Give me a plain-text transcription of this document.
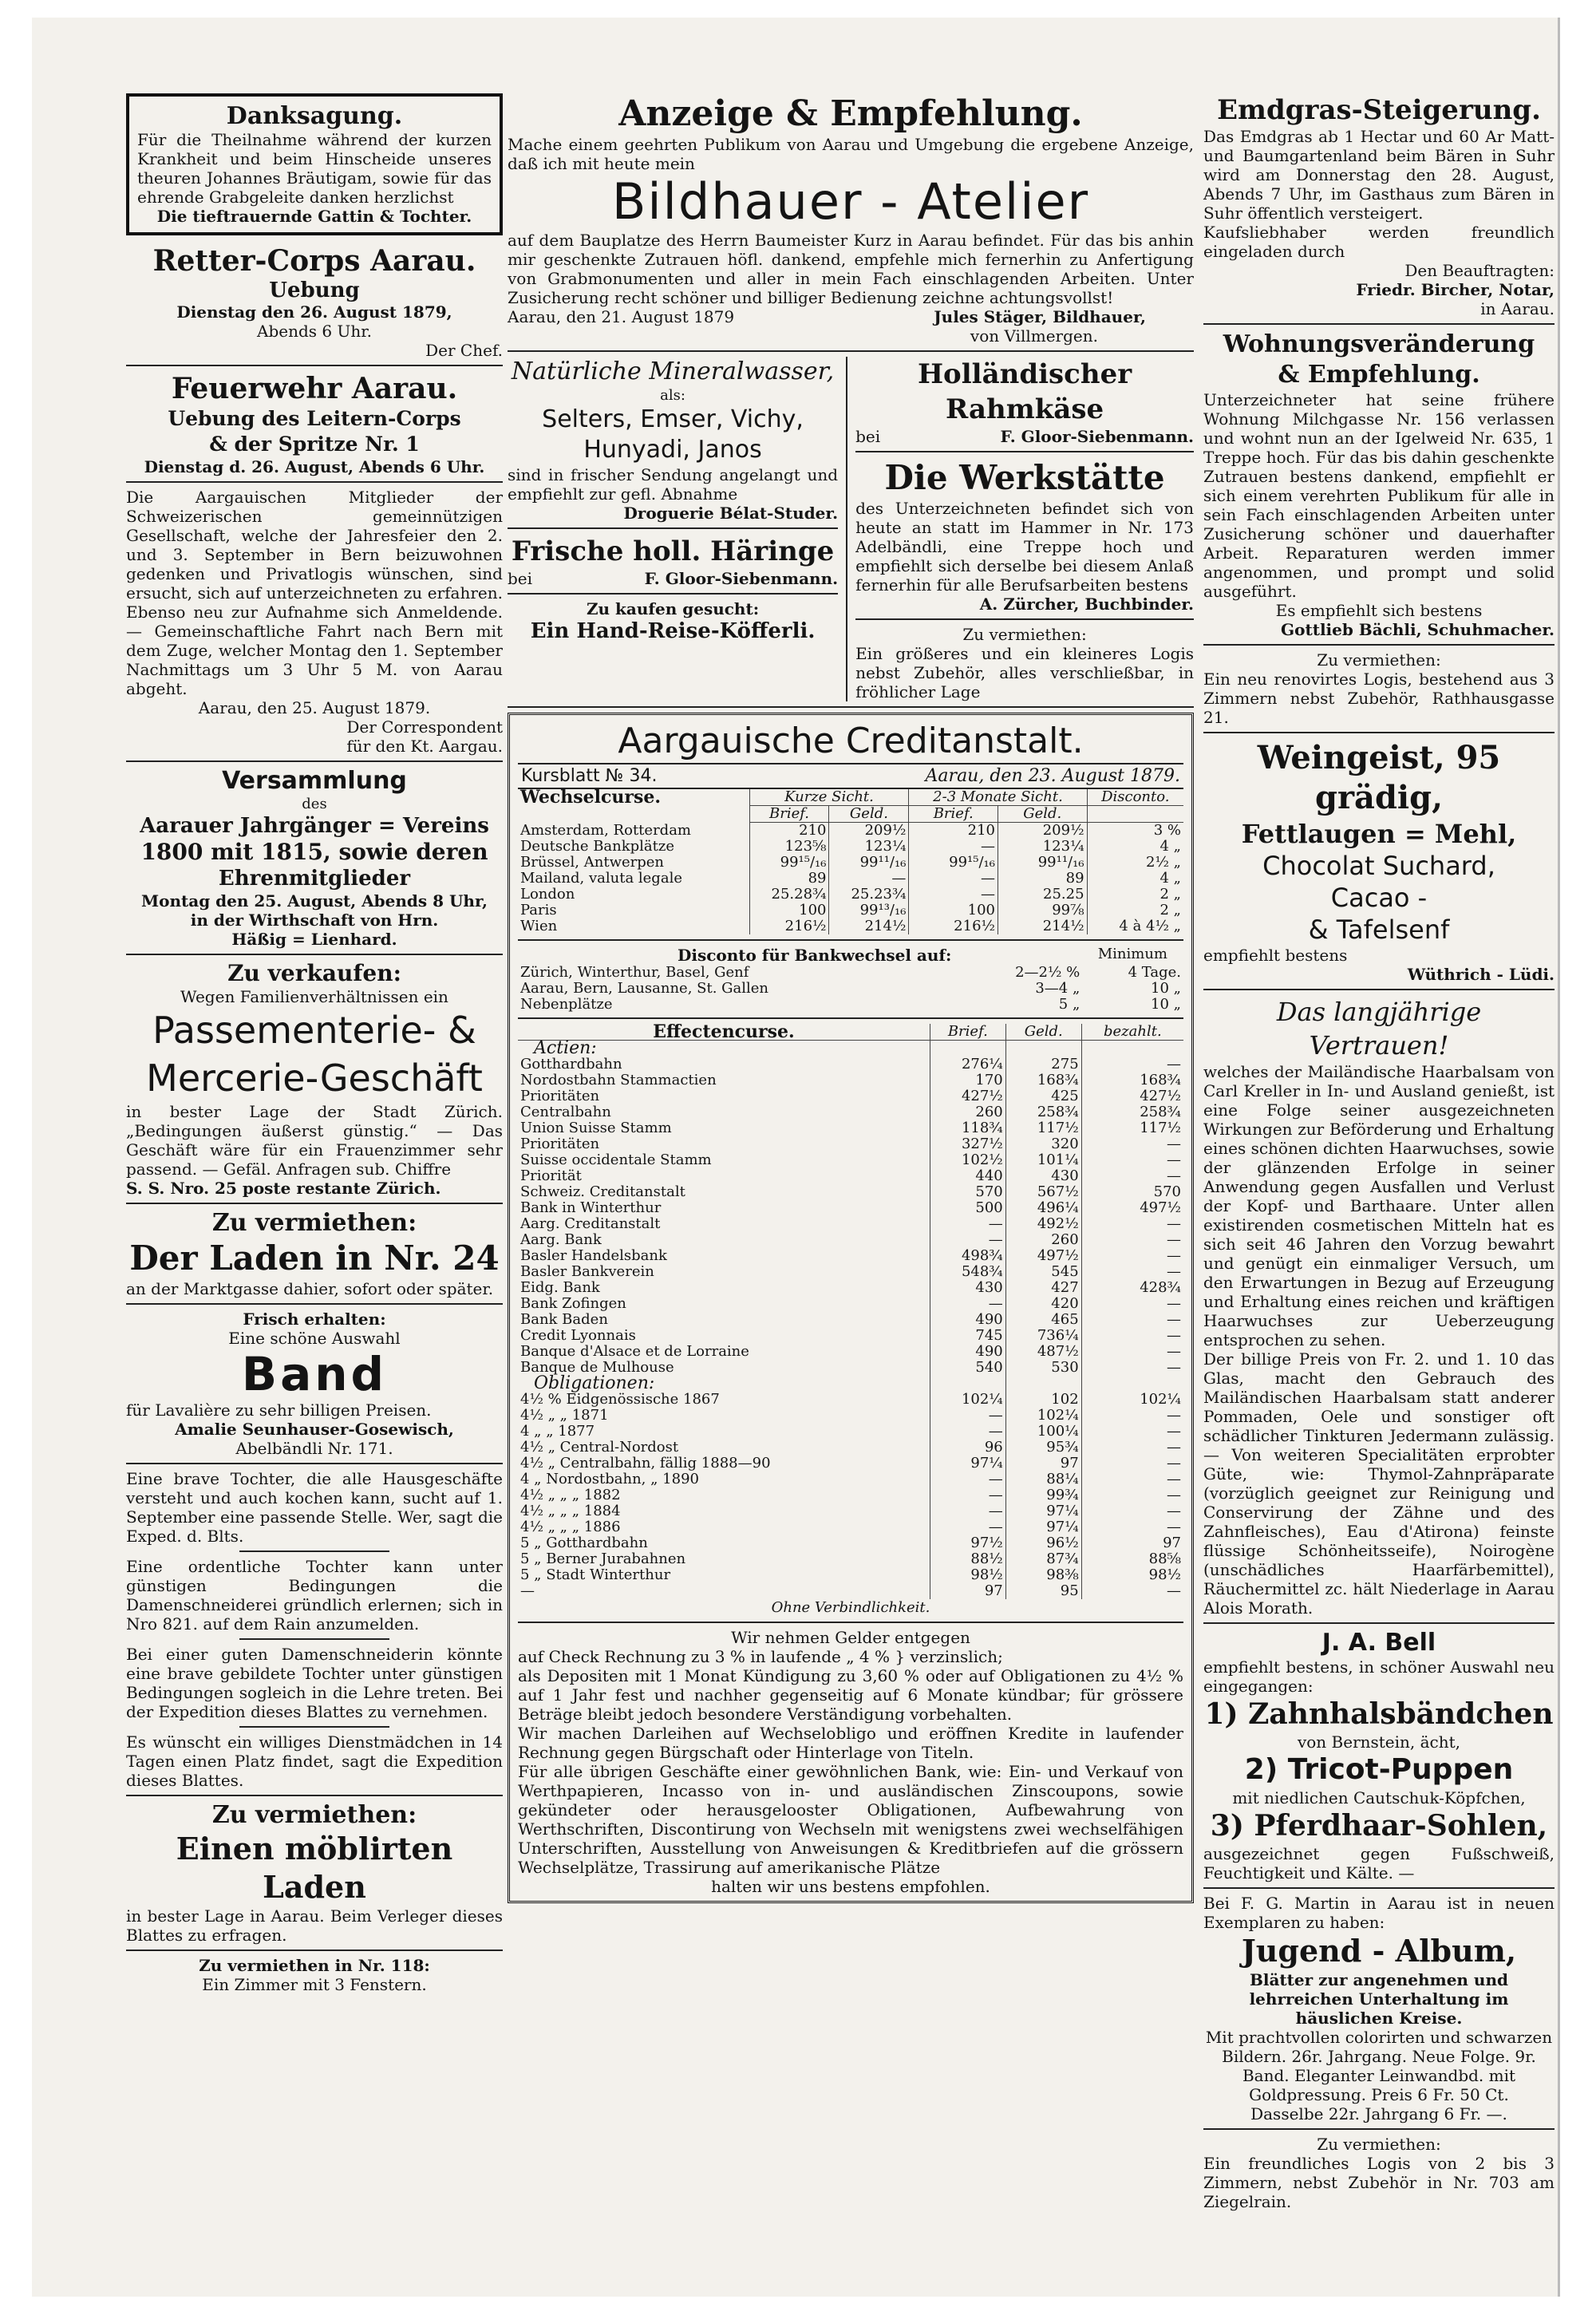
Danksagung.

Für die Theilnahme während der kurzen Krankheit und beim Hinscheide unseres theuren Johannes Bräutigam, sowie für das ehrende Grabgeleite danken herzlichst

Die tieftrauernde Gattin & Tochter.

Retter-Corps Aarau.

Uebung

Dienstag den 26. August 1879,

Abends 6 Uhr.

Der Chef.

Feuerwehr Aarau.

Uebung des Leitern-Corps

& der Spritze Nr. 1

Dienstag d. 26. August, Abends 6 Uhr.

Die Aargauischen Mitglieder der Schweizerischen gemeinnützigen Gesellschaft, welche der Jahresfeier den 2. und 3. September in Bern beizuwohnen gedenken und Privatlogis wünschen, sind ersucht, sich auf unterzeichneten zu erfahren. Ebenso neu zur Aufnahme sich Anmeldende. — Gemeinschaftliche Fahrt nach Bern mit dem Zuge, welcher Montag den 1. September Nachmittags um 3 Uhr 5 M. von Aarau abgeht.

Aarau, den 25. August 1879.

Der Correspondent

für den Kt. Aargau.

Versammlung

des

Aarauer Jahrgänger = Vereins

1800 mit 1815, sowie deren

Ehrenmitglieder

Montag den 25. August, Abends 8 Uhr,

in der Wirthschaft von Hrn.

Häßig = Lienhard.

Zu verkaufen:

Wegen Familienverhältnissen ein

Passementerie- &

Mercerie-Geschäft

in bester Lage der Stadt Zürich. „Bedingungen äußerst günstig.“ — Das Geschäft wäre für ein Frauenzimmer sehr passend. — Gefäl. Anfragen sub. Chiffre

S. S. Nro. 25 poste restante Zürich.

Zu vermiethen:

Der Laden in Nr. 24

an der Marktgasse dahier, sofort oder später.

Frisch erhalten:

Eine schöne Auswahl

Band

für Lavalière zu sehr billigen Preisen.

Amalie Seunhauser-Gosewisch,

Abelbändli Nr. 171.

Eine brave Tochter, die alle Hausgeschäfte versteht und auch kochen kann, sucht auf 1. September eine passende Stelle. Wer, sagt die Exped. d. Blts.

Eine ordentliche Tochter kann unter günstigen Bedingungen die Damenschneiderei gründlich erlernen; sich in Nro 821. auf dem Rain anzumelden.

Bei einer guten Damenschneiderin könnte eine brave gebildete Tochter unter günstigen Bedingungen sogleich in die Lehre treten. Bei der Expedition dieses Blattes zu vernehmen.

Es wünscht ein williges Dienstmädchen in 14 Tagen einen Platz findet, sagt die Expedition dieses Blattes.

Zu vermiethen:

Einen möblirten Laden

in bester Lage in Aarau. Beim Verleger dieses Blattes zu erfragen.

Zu vermiethen in Nr. 118:

Ein Zimmer mit 3 Fenstern.

Anzeige & Empfehlung.

Mache einem geehrten Publikum von Aarau und Umgebung die ergebene Anzeige, daß ich mit heute mein

Bildhauer - Atelier

auf dem Bauplatze des Herrn Baumeister Kurz in Aarau befindet. Für das bis anhin mir geschenkte Zutrauen höfl. dankend, empfehle mich fernerhin zu Anfertigung von Grabmonumenten und aller in mein Fach einschlagenden Arbeiten. Unter Zusicherung recht schöner und billiger Bedienung zeichne achtungsvollst!

Aarau, den 21. August 1879	Jules Stäger, Bildhauer,

von Villmergen.

Natürliche Mineralwasser,

als:

Selters, Emser, Vichy, Hunyadi, Janos

sind in frischer Sendung angelangt und empfiehlt zur gefl. Abnahme

Droguerie Bélat-Studer.

Frische holl. Häringe

bei	F. Gloor-Siebenmann.

Zu kaufen gesucht:

Ein Hand-Reise-Köfferli.

Holländischer Rahmkäse

bei	F. Gloor-Siebenmann.

Die Werkstätte

des Unterzeichneten befindet sich von heute an statt im Hammer in Nr. 173 Adelbändli, eine Treppe hoch und empfiehlt sich derselbe bei diesem Anlaß fernerhin für alle Berufsarbeiten bestens

A. Zürcher, Buchbinder.

Zu vermiethen:

Ein größeres und ein kleineres Logis nebst Zubehör, alles verschließbar, in fröhlicher Lage

Aargauische Creditanstalt.

Kursblatt № 34.	Aarau, den 23. August 1879.
Wechselcurse.	Kurze Sicht.		2-3 Monate Sicht.		Disconto.
	Brief.	Geld.	Brief.	Geld.	
Amsterdam, Rotterdam	210	209½	210	209½	3 %
Deutsche Bankplätze	123⅝	123¼	—	123¼	4 „
Brüssel, Antwerpen	99¹⁵/₁₆	99¹¹/₁₆	99¹⁵/₁₆	99¹¹/₁₆	2½ „
Mailand, valuta legale	89	—	—	89	4 „
London	25.28¾	25.23¾	—	25.25	2 „
Paris	100	99¹³/₁₆	100	99⅞	2 „
Wien	216½	214½	216½	214½	4 à 4½ „
Disconto für Bankwechsel auf:	Minimum
Zürich, Winterthur, Basel, Genf	2—2½ %	4 Tage.
Aarau, Bern, Lausanne, St. Gallen	3—4 „	10 „
Nebenplätze	5 „	10 „
Effectencurse.	Brief.	Geld.	bezahlt.
Actien:			
Gotthardbahn	276¼	275	—
Nordostbahn Stammactien	170	168¾	168¾
Prioritäten	427½	425	427½
Centralbahn	260	258¾	258¾
Union Suisse Stamm	118¾	117½	117½
Prioritäten	327½	320	—
Suisse occidentale Stamm	102½	101¼	—
Priorität	440	430	—
Schweiz. Creditanstalt	570	567½	570
Bank in Winterthur	500	496¼	497½
Aarg. Creditanstalt	—	492½	—
Aarg. Bank	—	260	—
Basler Handelsbank	498¾	497½	—
Basler Bankverein	548¾	545	—
Eidg. Bank	430	427	428¾
Bank Zofingen	—	420	—
Bank Baden	490	465	—
Credit Lyonnais	745	736¼	—
Banque d'Alsace et de Lorraine	490	487½	—
Banque de Mulhouse	540	530	—
Obligationen:			
4½ % Eidgenössische 1867	102¼	102	102¼
4½ „ „ 1871	—	102¼	—
4 „ „ 1877	—	100¼	—
4½ „ Central-Nordost	96	95¾	—
4½ „ Centralbahn, fällig 1888—90	97¼	97	—
4 „ Nordostbahn, „ 1890	—	88¼	—
4½ „ „ „ 1882	—	99¾	—
4½ „ „ „ 1884	—	97¼	—
4½ „ „ „ 1886	—	97¼	—
5 „ Gotthardbahn	97½	96½	97
5 „ Berner Jurabahnen	88½	87¾	88⅝
5 „ Stadt Winterthur	98½	98⅜	98½
—	97	95	—

Ohne Verbindlichkeit.

Wir nehmen Gelder entgegen

auf Check Rechnung zu 3 % in laufende „ 4 % } verzinslich;

als Depositen mit 1 Monat Kündigung zu 3,60 % oder auf Obligationen zu 4½ % auf 1 Jahr fest und nachher gegenseitig auf 6 Monate kündbar; für grössere Beträge bleibt jedoch besondere Verständigung vorbehalten.

Wir machen Darleihen auf Wechselobligo und eröffnen Kredite in laufender Rechnung gegen Bürgschaft oder Hinterlage von Titeln.

Für alle übrigen Geschäfte einer gewöhnlichen Bank, wie: Ein- und Verkauf von Werthpapieren, Incasso von in- und ausländischen Zinscoupons, sowie gekündeter oder herausgelooster Obligationen, Aufbewahrung von Werthschriften, Discontirung von Wechseln mit wenigstens zwei wechselfähigen Unterschriften, Ausstellung von Anweisungen & Kreditbriefen auf die grössern Wechselplätze, Trassirung auf amerikanische Plätze

halten wir uns bestens empfohlen.

Emdgras-Steigerung.

Das Emdgras ab 1 Hectar und 60 Ar Matt- und Baumgartenland beim Bären in Suhr wird am Donnerstag den 28. August, Abends 7 Uhr, im Gasthaus zum Bären in Suhr öffentlich versteigert.

Kaufsliebhaber werden freundlich eingeladen durch

Den Beauftragten:

Friedr. Bircher, Notar,

in Aarau.

Wohnungsveränderung

& Empfehlung.

Unterzeichneter hat seine frühere Wohnung Milchgasse Nr. 156 verlassen und wohnt nun an der Igelweid Nr. 635, 1 Treppe hoch. Für das bis dahin geschenkte Zutrauen bestens dankend, empfiehlt er sich einem verehrten Publikum für alle in sein Fach einschlagenden Arbeiten unter Zusicherung schöner und dauerhafter Arbeit. Reparaturen werden immer angenommen, und prompt und solid ausgeführt.

Es empfiehlt sich bestens

Gottlieb Bächli, Schuhmacher.

Zu vermiethen:

Ein neu renovirtes Logis, bestehend aus 3 Zimmern nebst Zubehör, Rathhausgasse 21.

Weingeist, 95 grädig,

Fettlaugen = Mehl,

Chocolat Suchard,

Cacao -

& Tafelsenf

empfiehlt bestens

Wüthrich - Lüdi.

Das langjährige Vertrauen!

welches der Mailändische Haarbalsam von Carl Kreller in In- und Ausland genießt, ist eine Folge seiner ausgezeichneten Wirkungen zur Beförderung und Erhaltung eines schönen dichten Haarwuchses, sowie der glänzenden Erfolge in seiner Anwendung gegen Ausfallen und Verlust der Kopf- und Barthaare. Unter allen existirenden cosmetischen Mitteln hat es sich seit 46 Jahren den Vorzug bewahrt und genügt ein einmaliger Versuch, um den Erwartungen in Bezug auf Erzeugung und Erhaltung eines reichen und kräftigen Haarwuchses zur Ueberzeugung entsprochen zu sehen.

Der billige Preis von Fr. 2. und 1. 10 das Glas, macht den Gebrauch des Mailändischen Haarbalsam statt anderer Pommaden, Oele und sonstiger oft schädlicher Tinkturen Jedermann zulässig. — Von weiteren Specialitäten erprobter Güte, wie: Thymol-Zahnpräparate (vorzüglich geeignet zur Reinigung und Conservirung der Zähne und des Zahnfleisches), Eau d'Atirona) feinste flüssige Schönheitsseife), Noirogène (unschädliches Haarfärbemittel), Räuchermittel zc. hält Niederlage in Aarau Alois Morath.

J. A. Bell

empfiehlt bestens, in schöner Auswahl neu eingegangen:

1) Zahnhalsbändchen

von Bernstein, ächt,

2) Tricot-Puppen

mit niedlichen Cautschuk-Köpfchen,

3) Pferdhaar-Sohlen,

ausgezeichnet gegen Fußschweiß, Feuchtigkeit und Kälte. —

Bei F. G. Martin in Aarau ist in neuen Exemplaren zu haben:

Jugend - Album,

Blätter zur angenehmen und lehrreichen Unterhaltung im häuslichen Kreise.

Mit prachtvollen colorirten und schwarzen Bildern. 26r. Jahrgang. Neue Folge. 9r. Band. Eleganter Leinwandbd. mit Goldpressung. Preis 6 Fr. 50 Ct.

Dasselbe 22r. Jahrgang 6 Fr. —.

Zu vermiethen:

Ein freundliches Logis von 2 bis 3 Zimmern, nebst Zubehör in Nr. 703 am Ziegelrain.
